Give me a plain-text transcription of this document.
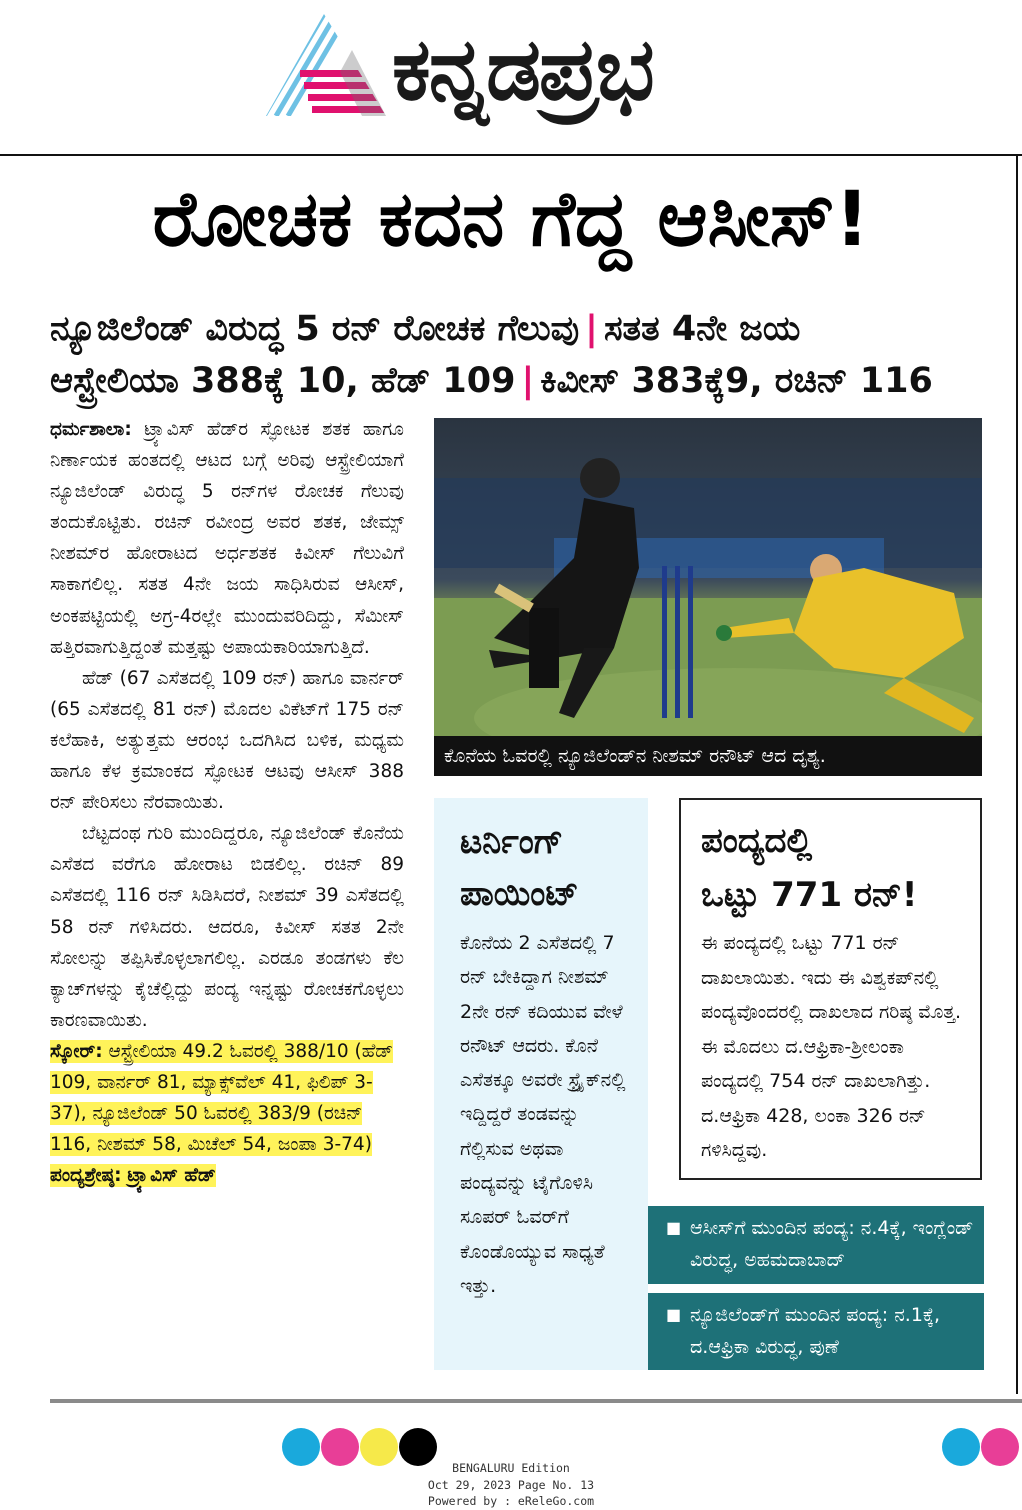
ಕನ್ನಡಪ್ರಭ
ರೋಚಕ ಕದನ ಗೆದ್ದ ಆಸೀಸ್!
ನ್ಯೂಜಿಲೆಂಡ್ ವಿರುದ್ಧ 5 ರನ್ ರೋಚಕ ಗೆಲುವು | ಸತತ 4ನೇ ಜಯ
ಆಸ್ಟ್ರೇಲಿಯಾ 388ಕ್ಕೆ 10, ಹೆಡ್ 109 | ಕಿವೀಸ್ 383ಕ್ಕೆ9, ರಚಿನ್ 116

ಧರ್ಮಶಾಲಾ: ಟ್ರ್ಯಾವಿಸ್ ಹೆಡ್‌ರ ಸ್ಫೋಟಕ ಶತಕ ಹಾಗೂ ನಿರ್ಣಾಯಕ ಹಂತದಲ್ಲಿ ಆಟದ ಬಗ್ಗೆ ಅರಿವು ಆಸ್ಟ್ರೇಲಿಯಾಗೆ ನ್ಯೂಜಿಲೆಂಡ್ ವಿರುದ್ಧ 5 ರನ್‌ಗಳ ರೋಚಕ ಗೆಲುವು ತಂದುಕೊಟ್ಟಿತು. ರಚಿನ್ ರವೀಂದ್ರ ಅವರ ಶತಕ, ಜೇಮ್ಸ್ ನೀಶಮ್‌ರ ಹೋರಾಟದ ಅರ್ಧಶತಕ ಕಿವೀಸ್ ಗೆಲುವಿಗೆ ಸಾಕಾಗಲಿಲ್ಲ. ಸತತ 4ನೇ ಜಯ ಸಾಧಿಸಿರುವ ಆಸೀಸ್, ಅಂಕಪಟ್ಟಿಯಲ್ಲಿ ಅಗ್ರ-4ರಲ್ಲೇ ಮುಂದುವರಿದಿದ್ದು, ಸೆಮೀಸ್ ಹತ್ತಿರವಾಗುತ್ತಿದ್ದಂತೆ ಮತ್ತಷ್ಟು ಅಪಾಯಕಾರಿಯಾಗುತ್ತಿದೆ.

ಹೆಡ್ (67 ಎಸೆತದಲ್ಲಿ 109 ರನ್) ಹಾಗೂ ವಾರ್ನರ್ (65 ಎಸೆತದಲ್ಲಿ 81 ರನ್) ಮೊದಲ ವಿಕೆಟ್‌ಗೆ 175 ರನ್ ಕಲೆಹಾಕಿ, ಅತ್ಯುತ್ತಮ ಆರಂಭ ಒದಗಿಸಿದ ಬಳಿಕ, ಮಧ್ಯಮ ಹಾಗೂ ಕೆಳ ಕ್ರಮಾಂಕದ ಸ್ಫೋಟಕ ಆಟವು ಆಸೀಸ್ 388 ರನ್ ಪೇರಿಸಲು ನೆರವಾಯಿತು.

ಬೆಟ್ಟದಂಥ ಗುರಿ ಮುಂದಿದ್ದರೂ, ನ್ಯೂಜಿಲೆಂಡ್ ಕೊನೆಯ ಎಸೆತದ ವರೆಗೂ ಹೋರಾಟ ಬಿಡಲಿಲ್ಲ. ರಚಿನ್ 89 ಎಸೆತದಲ್ಲಿ 116 ರನ್ ಸಿಡಿಸಿದರೆ, ನೀಶಮ್ 39 ಎಸೆತದಲ್ಲಿ 58 ರನ್ ಗಳಿಸಿದರು. ಆದರೂ, ಕಿವೀಸ್ ಸತತ 2ನೇ ಸೋಲನ್ನು ತಪ್ಪಿಸಿಕೊಳ್ಳಲಾಗಲಿಲ್ಲ. ಎರಡೂ ತಂಡಗಳು ಕೆಲ ಕ್ಯಾಚ್‌ಗಳನ್ನು ಕೈಚೆಲ್ಲಿದ್ದು ಪಂದ್ಯ ಇನ್ನಷ್ಟು ರೋಚಕಗೊಳ್ಳಲು ಕಾರಣವಾಯಿತು.

ಸ್ಕೋರ್: ಆಸ್ಟ್ರೇಲಿಯಾ 49.2 ಓವರಲ್ಲಿ 388/10 (ಹೆಡ್ 109, ವಾರ್ನರ್ 81, ಮ್ಯಾಕ್ಸ್‌ವೆಲ್ 41, ಫಿಲಿಪ್ 3-37), ನ್ಯೂಜಿಲೆಂಡ್ 50 ಓವರಲ್ಲಿ 383/9 (ರಚಿನ್ 116, ನೀಶಮ್ 58, ಮಿಚೆಲ್ 54, ಜಂಪಾ 3-74) ಪಂದ್ಯಶ್ರೇಷ್ಠ: ಟ್ರ್ಯಾವಿಸ್ ಹೆಡ್

ಕೊನೆಯ ಓವರಲ್ಲಿ ನ್ಯೂಜಿಲೆಂಡ್‌ನ ನೀಶಮ್ ರನೌಟ್ ಆದ ದೃಶ್ಯ.
ಟರ್ನಿಂಗ್
ಪಾಯಿಂಟ್
ಕೊನೆಯ 2 ಎಸೆತದಲ್ಲಿ 7 ರನ್ ಬೇಕಿದ್ದಾಗ ನೀಶಮ್ 2ನೇ ರನ್ ಕದಿಯುವ ವೇಳೆ ರನೌಟ್ ಆದರು. ಕೊನೆ ಎಸೆತಕ್ಕೂ ಅವರೇ ಸ್ಟ್ರೈಕ್‌ನಲ್ಲಿ ಇದ್ದಿದ್ದರೆ ತಂಡವನ್ನು ಗೆಲ್ಲಿಸುವ ಅಥವಾ ಪಂದ್ಯವನ್ನು ಟೈಗೊಳಿಸಿ ಸೂಪರ್ ಓವರ್‌ಗೆ ಕೊಂಡೊಯ್ಯುವ ಸಾಧ್ಯತೆ ಇತ್ತು.
ಪಂದ್ಯದಲ್ಲಿ
ಒಟ್ಟು 771 ರನ್!
ಈ ಪಂದ್ಯದಲ್ಲಿ ಒಟ್ಟು 771 ರನ್ ದಾಖಲಾಯಿತು. ಇದು ಈ ವಿಶ್ವಕಪ್‌ನಲ್ಲಿ ಪಂದ್ಯವೊಂದರಲ್ಲಿ ದಾಖಲಾದ ಗರಿಷ್ಠ ಮೊತ್ತ. ಈ ಮೊದಲು ದ.ಆಫ್ರಿಕಾ-ಶ್ರೀಲಂಕಾ ಪಂದ್ಯದಲ್ಲಿ 754 ರನ್ ದಾಖಲಾಗಿತ್ತು. ದ.ಆಫ್ರಿಕಾ 428, ಲಂಕಾ 326 ರನ್ ಗಳಿಸಿದ್ದವು.
■ ಆಸೀಸ್‌ಗೆ ಮುಂದಿನ ಪಂದ್ಯ: ನ.4ಕ್ಕೆ, ಇಂಗ್ಲೆಂಡ್ ವಿರುದ್ಧ, ಅಹಮದಾಬಾದ್
■ ನ್ಯೂಜಿಲೆಂಡ್‌ಗೆ ಮುಂದಿನ ಪಂದ್ಯ: ನ.1ಕ್ಕೆ, ದ.ಆಫ್ರಿಕಾ ವಿರುದ್ಧ, ಪುಣೆ
BENGALURU Edition
Oct 29, 2023 Page No. 13
Powered by : eReleGo.com
